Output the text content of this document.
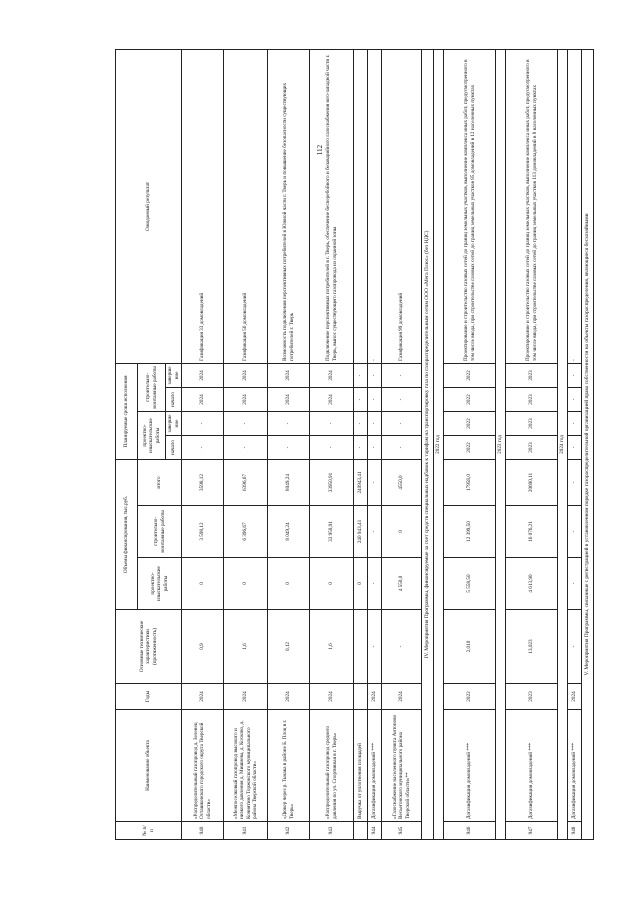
112
№ п/п	Наименование объекта	Годы	Основные технические характеристики (протяженность)	Объемы финансирования, тыс.руб.			Планируемые сроки исполнения				Ожидаемый результат
				проектно-изыскательские работы	строительно-монтажные работы	итого	проектно-изыскательские работы		строительно-монтажные работы		
							начало	завершение	начало	завершение	
940	«Распределительный газопровод д. Зеленец Осташковского городского округа Тверской области»	2024	0,9	0	3 598,12	3598,12	-	-	2024	2024	Газификация 33 домовладений
941	«Межпоселковый газопровод высокого и низкого давления д. Мишнева, д. Косково, д. Кочнятино Торжокского муниципального района Тверской области»	2024	1,6	0	6 396,67	6396,67	-	-	2024	2024	Газификация 56 домовладений
942	«Дюкер через р. Тьмака в районе Б. Плоц в г. Тверь»	2024	0,12	0	8 049,24	8049,24	-	-	2024	2024	Возможность подключения перспективных потребителей в Южной части г. Тверь и повышение безопасности существующих потребителей г. Тверь
943	«Распределительный газопровод среднего давления по ул. Спортивная в г. Тверь»	2024	1,6	0	33 950,91	33950,91	-	-	2024	2024	Подключение перспективных потребителей в г. Тверь, обеспечение бесперебойного и безаварийного газоснабжения юго-западной части г. Тверь, вынос существующего газопровода из охранной зоны
	Выручка от уплотнения площадей			0	240 943,41	240943,41	-	-	-	-	
944	Догазификация домовладений ***	2024	-	-	-	-	-	-	-	-	-
945	«Газоснабжение населенного пункта Антоново Весьегонского муниципального района Тверской области»**	2024	-	4 550,0	0	4550,0	-	-	-	-	Газификация 99 домовладений
IV. Мероприятия Программы, финансируемые за счет средств специальных надбавок к тарифам на транспортировку газа по газораспределительным сетям ООО «Мега Плюс» (без НДС)											
2022 год											
946	Догазификация домовладений ***	2022	2,010	5 558,50	12 399,50	17958,0	2022	2022	2022	2022	Проектирование и строительство газовых сетей до границ земельных участков, выполнение комплекса иных работ, предусмотренного в том числе ввода, при строительстве газовых сетей до границ земельных участков 85 домовладений в 12 населенных пунктах
2023 год											
947	Догазификация домовладений ***	2023	13,023	4 613,90	16 076,21	20690,11	2023	2023	2023	2023	Проектирование и строительство газовых сетей до границ земельных участков, выполнение комплекса иных работ, предусмотренного в том числе ввода, при строительстве газовых сетей до границ земельных участков 113 домовладений в 8 населенных пунктах
2024 год											
948	Догазификация домовладений ***	2024	-	-	-	-	-	-	-	-	-
V. Мероприятия Программы, связанные с регистрацией в установленном порядке газораспределительной организацией права собственности на объекты газораспределения, являющиеся бесхозяйными											
